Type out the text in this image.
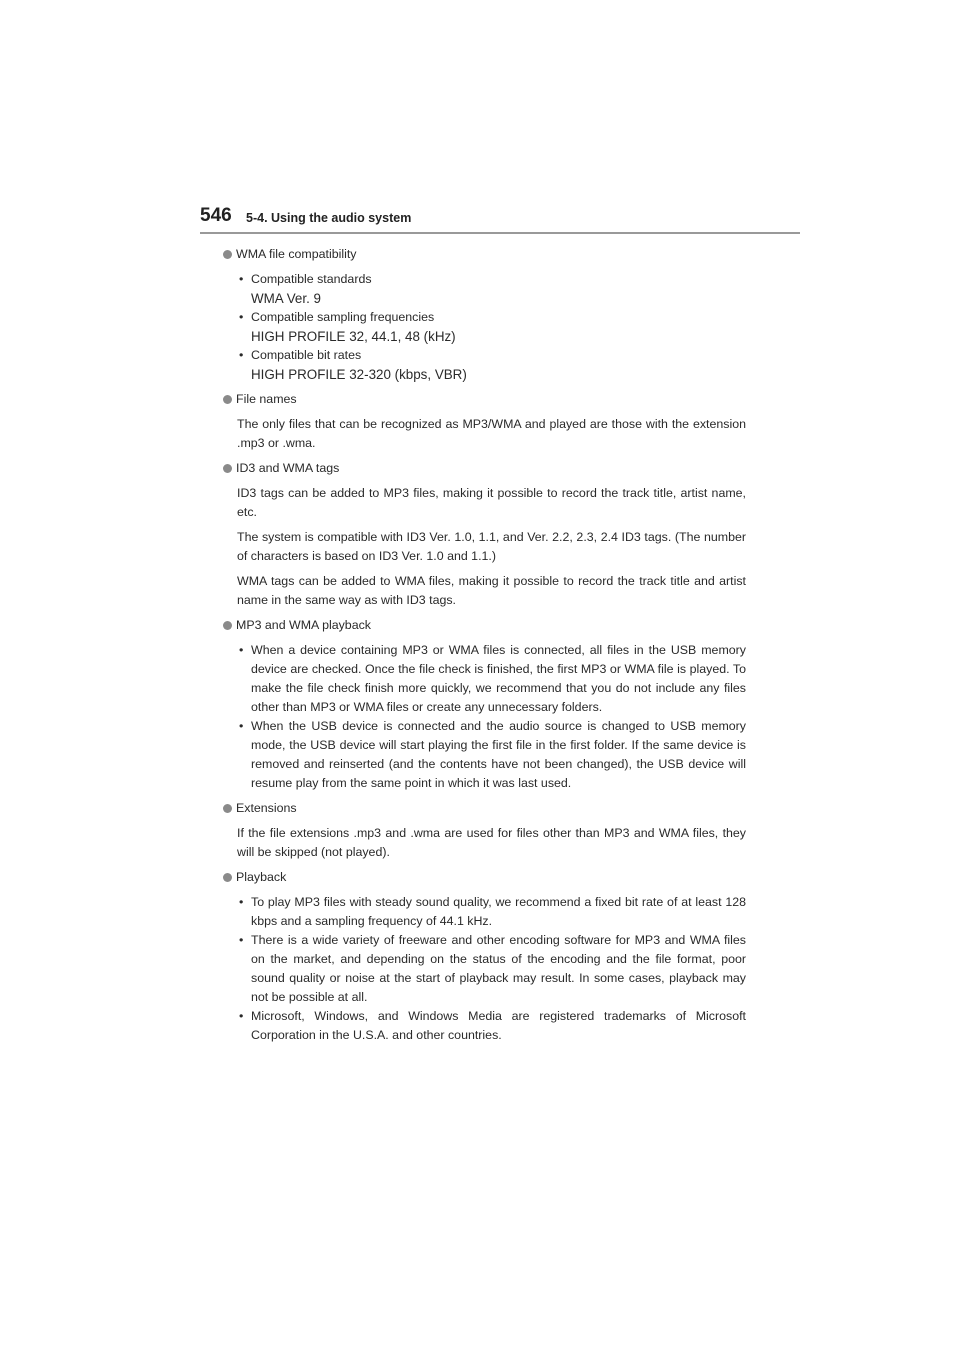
546 5-4. Using the audio system
WMA file compatibility
• Compatible standards
WMA Ver. 9
• Compatible sampling frequencies
HIGH PROFILE 32, 44.1, 48 (kHz)
• Compatible bit rates
HIGH PROFILE 32-320 (kbps, VBR)
File names
The only files that can be recognized as MP3/WMA and played are those with the extension .mp3 or .wma.
ID3 and WMA tags
ID3 tags can be added to MP3 files, making it possible to record the track title, artist name, etc.
The system is compatible with ID3 Ver. 1.0, 1.1, and Ver. 2.2, 2.3, 2.4 ID3 tags. (The number of characters is based on ID3 Ver. 1.0 and 1.1.)
WMA tags can be added to WMA files, making it possible to record the track title and artist name in the same way as with ID3 tags.
MP3 and WMA playback
• When a device containing MP3 or WMA files is connected, all files in the USB memory device are checked. Once the file check is finished, the first MP3 or WMA file is played. To make the file check finish more quickly, we recommend that you do not include any files other than MP3 or WMA files or create any unnecessary folders.
• When the USB device is connected and the audio source is changed to USB memory mode, the USB device will start playing the first file in the first folder. If the same device is removed and reinserted (and the contents have not been changed), the USB device will resume play from the same point in which it was last used.
Extensions
If the file extensions .mp3 and .wma are used for files other than MP3 and WMA files, they will be skipped (not played).
Playback
• To play MP3 files with steady sound quality, we recommend a fixed bit rate of at least 128 kbps and a sampling frequency of 44.1 kHz.
• There is a wide variety of freeware and other encoding software for MP3 and WMA files on the market, and depending on the status of the encoding and the file format, poor sound quality or noise at the start of playback may result. In some cases, playback may not be possible at all.
• Microsoft, Windows, and Windows Media are registered trademarks of Microsoft Corporation in the U.S.A. and other countries.
